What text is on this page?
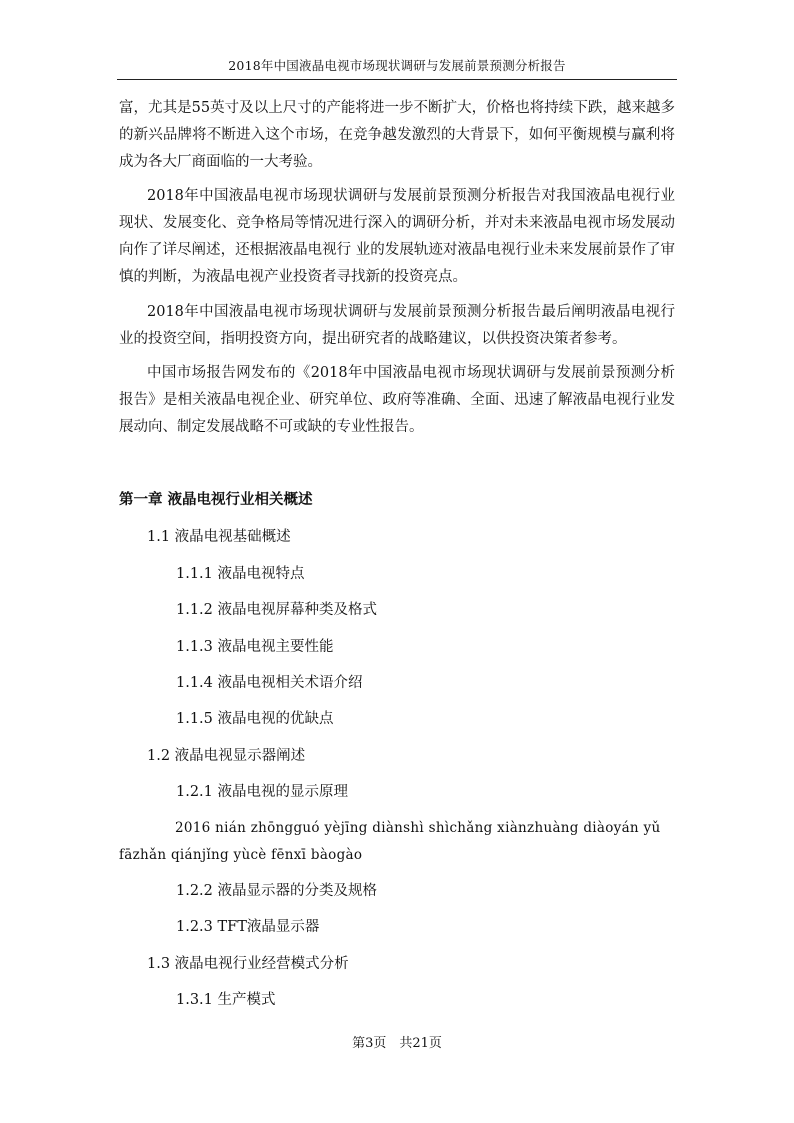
2018年中国液晶电视市场现状调研与发展前景预测分析报告

富，尤其是55英寸及以上尺寸的产能将进一步不断扩大，价格也将持续下跌，越来越多的新兴品牌将不断进入这个市场，在竞争越发激烈的大背景下，如何平衡规模与赢利将成为各大厂商面临的一大考验。

2018年中国液晶电视市场现状调研与发展前景预测分析报告对我国液晶电视行业现状、发展变化、竞争格局等情况进行深入的调研分析，并对未来液晶电视市场发展动向作了详尽阐述，还根据液晶电视行 业的发展轨迹对液晶电视行业未来发展前景作了审慎的判断，为液晶电视产业投资者寻找新的投资亮点。

2018年中国液晶电视市场现状调研与发展前景预测分析报告最后阐明液晶电视行业的投资空间，指明投资方向，提出研究者的战略建议，以供投资决策者参考。

中国市场报告网发布的《2018年中国液晶电视市场现状调研与发展前景预测分析报告》是相关液晶电视企业、研究单位、政府等准确、全面、迅速了解液晶电视行业发展动向、制定发展战略不可或缺的专业性报告。

第一章 液晶电视行业相关概述
1.1 液晶电视基础概述
1.1.1 液晶电视特点
1.1.2 液晶电视屏幕种类及格式
1.1.3 液晶电视主要性能
1.1.4 液晶电视相关术语介绍
1.1.5 液晶电视的优缺点
1.2 液晶电视显示器阐述
1.2.1 液晶电视的显示原理

2016 nián zhōngguó yèjīng diànshì shìchǎng xiànzhuàng diàoyán yǔ fāzhǎn qiánjǐng yùcè fēnxī bàogào

1.2.2 液晶显示器的分类及规格
1.2.3 TFT液晶显示器
1.3 液晶电视行业经营模式分析
1.3.1 生产模式
第3页　共21页
